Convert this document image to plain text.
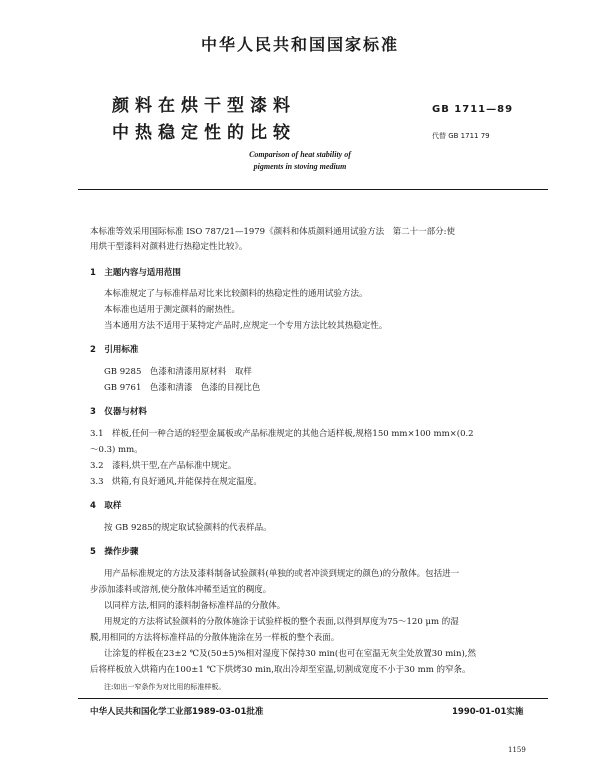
中华人民共和国国家标准
颜料在烘干型漆料
中热稳定性的比较
GB 1711—89
代替 GB 1711 79
Comparison of heat stability of
pigments in stoving medium
本标准等效采用国际标准 ISO 787/21—1979《颜料和体质颜料通用试验方法　第二十一部分:使
用烘干型漆料对颜料进行热稳定性比较》。
1　主题内容与适用范围
本标准规定了与标准样品对比来比较颜料的热稳定性的通用试验方法。
本标准也适用于测定颜料的耐热性。
当本通用方法不适用于某特定产品时,应规定一个专用方法比较其热稳定性。
2　引用标准
GB 9285　色漆和清漆用原材料　取样
GB 9761　色漆和清漆　色漆的目视比色
3　仪器与材料
3.1　样板,任何一种合适的轻型金属板或产品标准规定的其他合适样板,规格150 mm×100 mm×(0.2
～0.3) mm。
3.2　漆料,烘干型,在产品标准中规定。
3.3　烘箱,有良好通风,并能保持在规定温度。
4　取样
按 GB 9285的规定取试验颜料的代表样品。
5　操作步骤
用产品标准规定的方法及漆料制备试验颜料(单独的或者冲淡到规定的颜色)的分散体。包括进一
步添加漆料或溶剂,使分散体冲稀至适宜的稠度。
以同样方法,相同的漆料制备标准样品的分散体。
用规定的方法将试验颜料的分散体施涂于试验样板的整个表面,以得到厚度为75～120 μm 的湿
膜,用相同的方法将标准样品的分散体施涂在另一样板的整个表面。
让涂复的样板在23±2 ℃及(50±5)%相对湿度下保持30 min(也可在室温无灰尘处放置30 min),然
后将样板放入烘箱内在100±1 ℃下烘烤30 min,取出冷却至室温,切割成宽度不小于30 mm 的窄条。
注:如出一窄条作为对比用的标准样板。
中华人民共和国化学工业部1989-03-01批准	1990-01-01实施
1159
